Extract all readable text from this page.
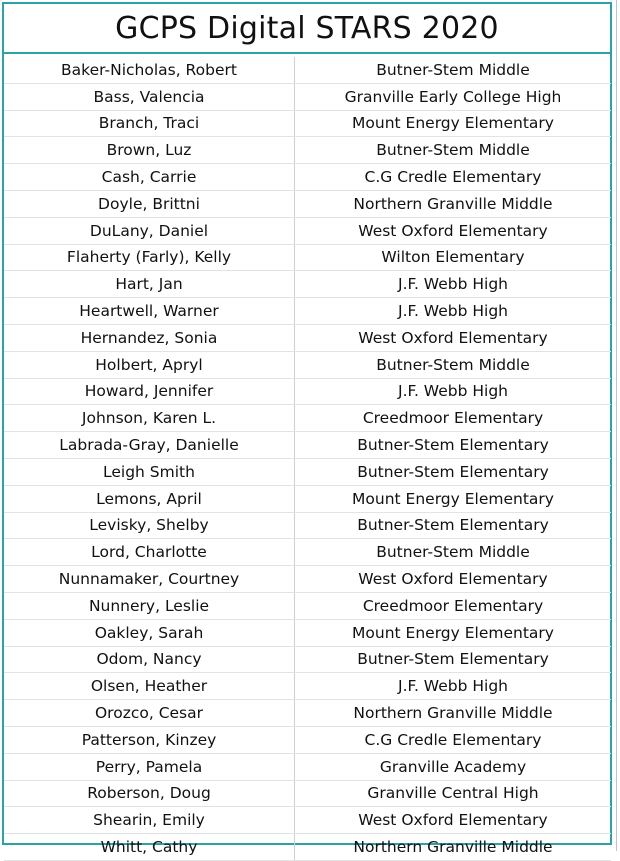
GCPS Digital STARS 2020
Baker-Nicholas, Robert	Butner-Stem Middle
Bass, Valencia	Granville Early College High
Branch, Traci	Mount Energy Elementary
Brown, Luz	Butner-Stem Middle
Cash, Carrie	C.G Credle Elementary
Doyle, Brittni	Northern Granville Middle
DuLany, Daniel	West Oxford Elementary
Flaherty (Farly), Kelly	Wilton Elementary
Hart, Jan	J.F. Webb High
Heartwell, Warner	J.F. Webb High
Hernandez, Sonia	West Oxford Elementary
Holbert, Apryl	Butner-Stem Middle
Howard, Jennifer	J.F. Webb High
Johnson, Karen L.	Creedmoor Elementary
Labrada-Gray, Danielle	Butner-Stem Elementary
Leigh Smith	Butner-Stem Elementary
Lemons, April	Mount Energy Elementary
Levisky, Shelby	Butner-Stem Elementary
Lord, Charlotte	Butner-Stem Middle
Nunnamaker, Courtney	West Oxford Elementary
Nunnery, Leslie	Creedmoor Elementary
Oakley, Sarah	Mount Energy Elementary
Odom, Nancy	Butner-Stem Elementary
Olsen, Heather	J.F. Webb High
Orozco, Cesar	Northern Granville Middle
Patterson, Kinzey	C.G Credle Elementary
Perry, Pamela	Granville Academy
Roberson, Doug	Granville Central High
Shearin, Emily	West Oxford Elementary
Whitt, Cathy	Northern Granville Middle
